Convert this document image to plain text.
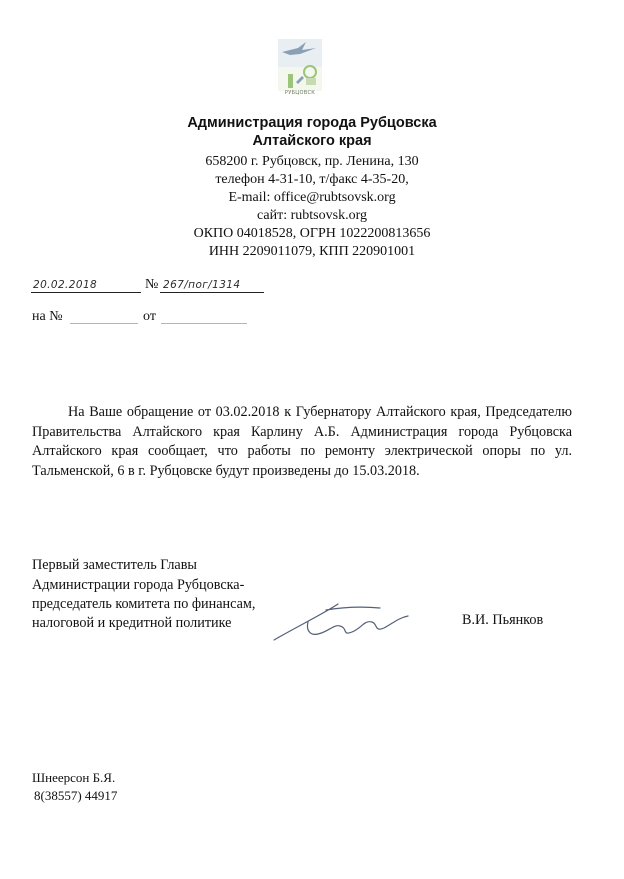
РУБЦОВСК
Администрация города Рубцовска
Алтайского края
658200 г. Рубцовск, пр. Ленина, 130
телефон 4-31-10, т/факс 4-35-20,
E-mail: office@rubtsovsk.org
сайт: rubtsovsk.org
ОКПО 04018528, ОГРН 1022200813656
ИНН 2209011079, КПП 220901001
20.02.2018	№ 267/пог/1314
на №	от

На Ваше обращение от 03.02.2018 к Губернатору Алтайского края, Председателю Правительства Алтайского края Карлину А.Б. Администрация города Рубцовска Алтайского края сообщает, что работы по ремонту электрической опоры по ул. Тальменской, 6 в г. Рубцовске будут произведены до 15.03.2018.

Первый заместитель Главы
Администрации города Рубцовска-
председатель комитета по финансам,
налоговой и кредитной политике	В.И. Пьянков
Шнеерсон Б.Я.
8(38557) 44917
